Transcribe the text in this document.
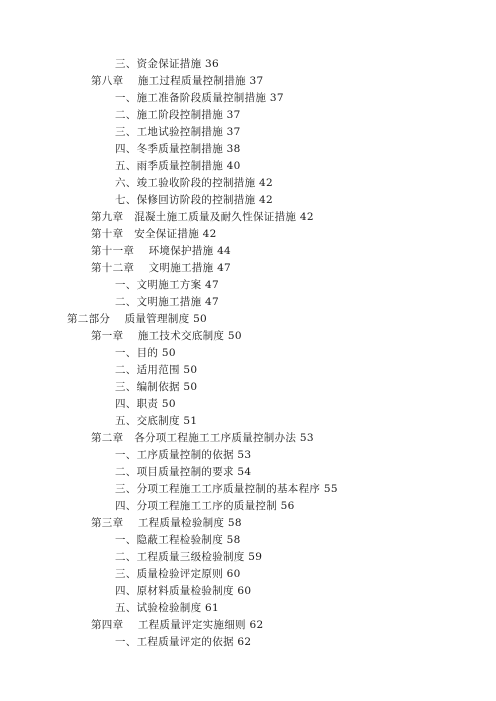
三、资金保证措施 36
第八章　 施工过程质量控制措施 37
一、施工准备阶段质量控制措施 37
二、施工阶段控制措施 37
三、工地试验控制措施 37
四、冬季质量控制措施 38
五、雨季质量控制措施 40
六、竣工验收阶段的控制措施 42
七、保修回访阶段的控制措施 42
第九章　混凝土施工质量及耐久性保证措施 42
第十章　安全保证措施 42
第十一章　 环境保护措施 44
第十二章　 文明施工措施 47
一、文明施工方案 47
二、文明施工措施 47
第二部分　 质量管理制度 50
第一章　 施工技术交底制度 50
一、目的 50
二、适用范围 50
三、编制依据 50
四、职责 50
五、交底制度 51
第二章　各分项工程施工工序质量控制办法 53
一、工序质量控制的依据 53
二、项目质量控制的要求 54
三、分项工程施工工序质量控制的基本程序 55
四、分项工程施工工序的质量控制 56
第三章　 工程质量检验制度 58
一、隐蔽工程检验制度 58
二、工程质量三级检验制度 59
三、质量检验评定原则 60
四、原材料质量检验制度 60
五、试验检验制度 61
第四章　 工程质量评定实施细则 62
一、工程质量评定的依据 62
